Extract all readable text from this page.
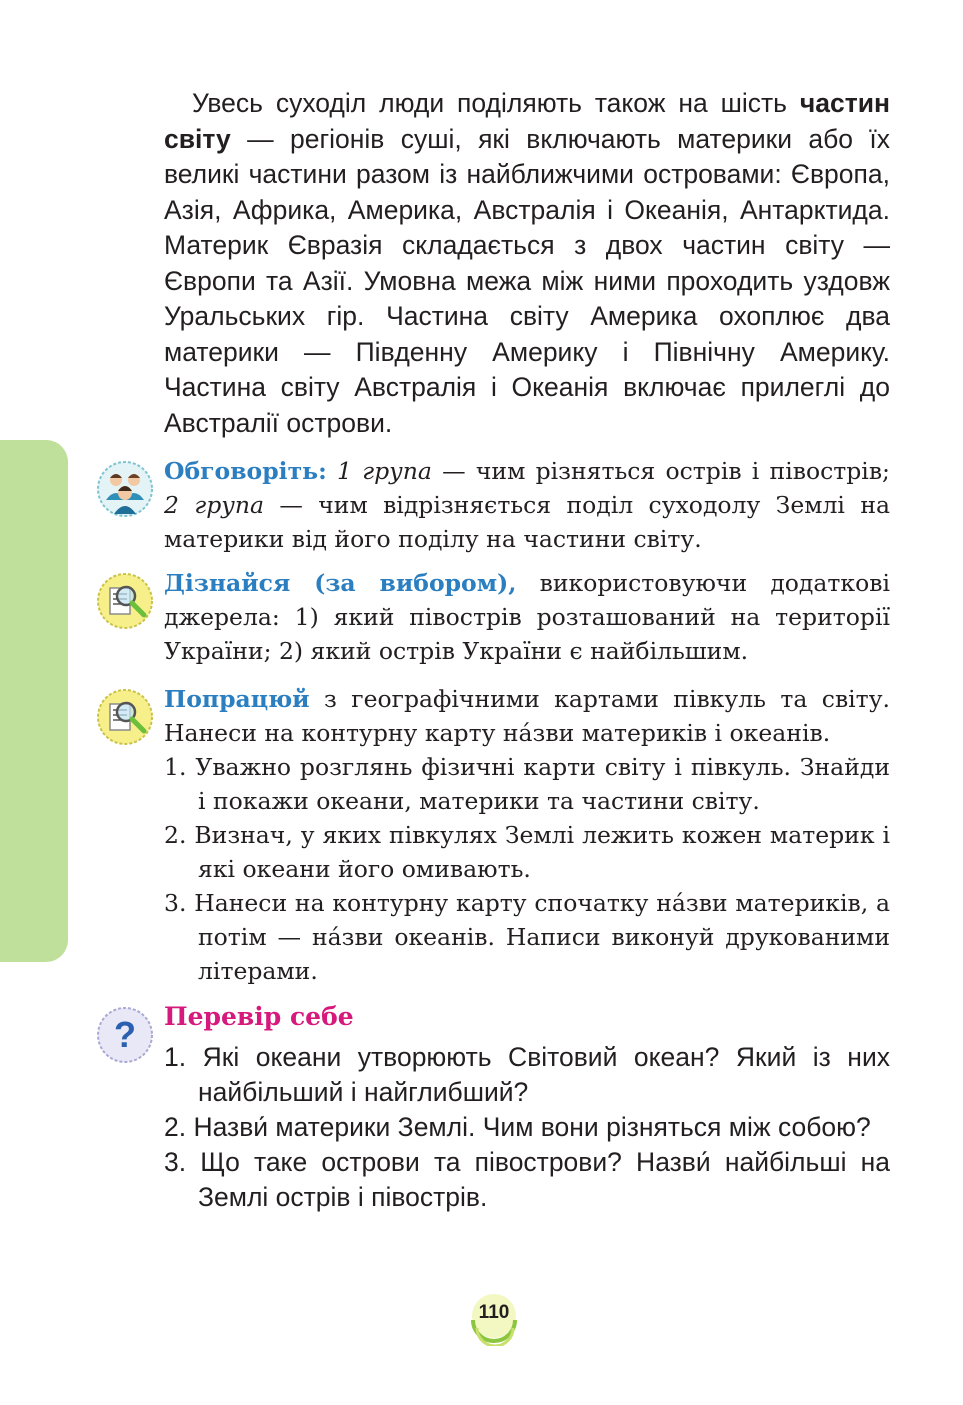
Увесь суходіл люди поділяють також на шість частин світу — регіонів суші, які включають материки або їх великі частини разом із найближчими островами: Європа, Азія, Африка, Америка, Австралія і Океанія, Антарктида. Материк Євразія складається з двох частин світу — Європи та Азії. Умовна межа між ними проходить уздовж Уральських гір. Частина світу Америка охоплює два материки — Південну Америку і Північну Америку. Частина світу Австралія і Океанія включає прилеглі до Австралії острови.

Обговоріть: 1 група — чим різняться острів і півострів; 2 група — чим відрізняється поділ суходолу Землі на материки від його поділу на частини світу.

Дізнайся (за вибором), використовуючи додаткові джерела: 1) який півострів розташований на території України; 2) який острів України є найбільшим.

Попрацюй з географічними картами півкуль та світу. Нанеси на контурну карту на́зви материків і океанів.

1. Уважно розглянь фізичні карти світу і півкуль. Знайди і покажи океани, материки та частини світу.
2. Визнач, у яких півкулях Землі лежить кожен материк і які океани його омивають.
3. Нанеси на контурну карту спочатку на́зви материків, а потім — на́зви океанів. Написи виконуй друкованими літерами.
? Перевір себе
1. Які океани утворюють Світовий океан? Який із них найбільший і найглибший?
2. Назви́ материки Землі. Чим вони різняться між собою?
3. Що таке острови та півострови? Назви́ найбільші на Землі острів і півострів.
110
